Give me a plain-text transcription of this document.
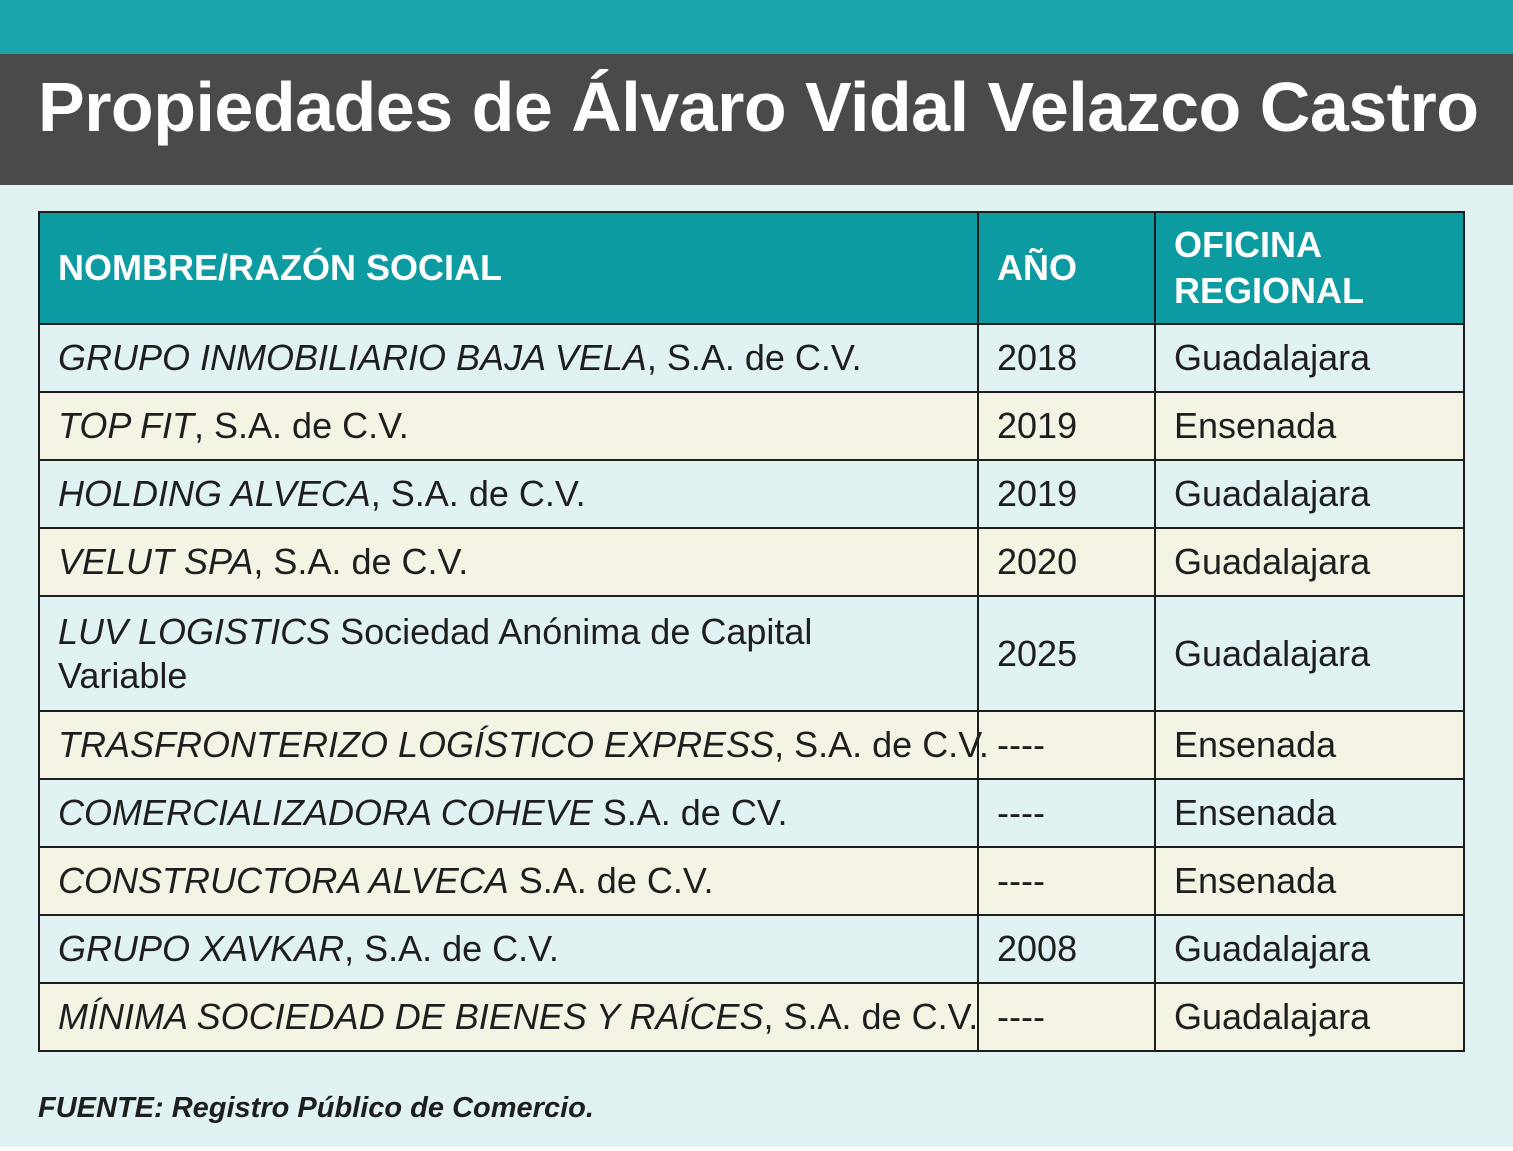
Propiedades de Álvaro Vidal Velazco Castro
NOMBRE/RAZÓN SOCIAL	AÑO	OFICINA REGIONAL
GRUPO INMOBILIARIO BAJA VELA, S.A. de C.V.	2018	Guadalajara
TOP FIT, S.A. de C.V.	2019	Ensenada
HOLDING ALVECA, S.A. de C.V.	2019	Guadalajara
VELUT SPA, S.A. de C.V.	2020	Guadalajara
LUV LOGISTICS Sociedad Anónima de Capital Variable	2025	Guadalajara
TRASFRONTERIZO LOGÍSTICO EXPRESS, S.A. de C.V.	----	Ensenada
COMERCIALIZADORA COHEVE S.A. de CV.	----	Ensenada
CONSTRUCTORA ALVECA S.A. de C.V.	----	Ensenada
GRUPO XAVKAR, S.A. de C.V.	2008	Guadalajara
MÍNIMA SOCIEDAD DE BIENES Y RAÍCES, S.A. de C.V.	----	Guadalajara

FUENTE: Registro Público de Comercio.
